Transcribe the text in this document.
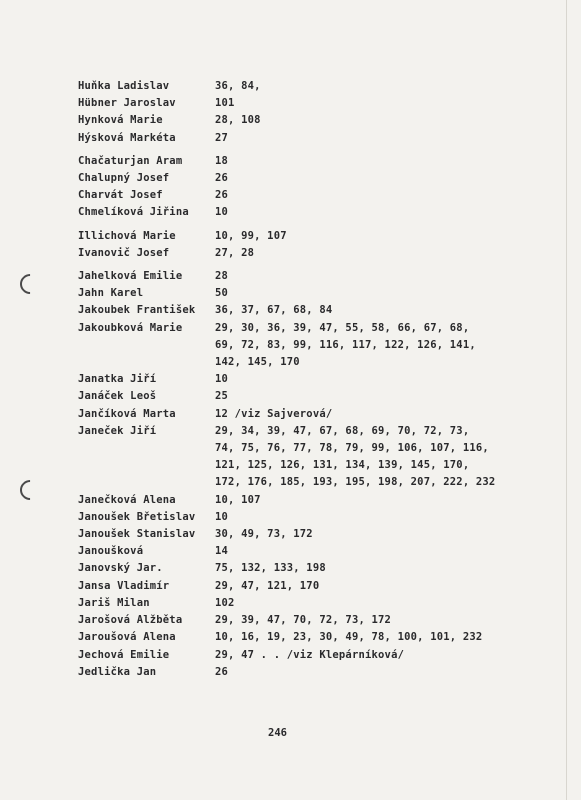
Huňka Ladislav	36, 84,
Hübner Jaroslav	101
Hynková Marie	28, 108
Hýsková Markéta	27
Chačaturjan Aram	18
Chalupný Josef	26
Charvát Josef	26
Chmelíková Jiřina	10
Illichová Marie	10, 99, 107
Ivanovič Josef	27, 28
Jahelková Emilie	28
Jahn Karel	50
Jakoubek František	36, 37, 67, 68, 84
Jakoubková Marie	29, 30, 36, 39, 47, 55, 58, 66, 67, 68,
69, 72, 83, 99, 116, 117, 122, 126, 141,
142, 145, 170
Janatka Jiří	10
Janáček Leoš	25
Jančíková Marta	12 /viz Sajverová/
Janeček Jiří	29, 34, 39, 47, 67, 68, 69, 70, 72, 73,
74, 75, 76, 77, 78, 79, 99, 106, 107, 116,
121, 125, 126, 131, 134, 139, 145, 170,
172, 176, 185, 193, 195, 198, 207, 222, 232
Janečková Alena	10, 107
Janoušek Břetislav	10
Janoušek Stanislav	30, 49, 73, 172
Janoušková	14
Janovský Jar.	75, 132, 133, 198
Jansa Vladimír	29, 47, 121, 170
Jariš Milan	102
Jarošová Alžběta	29, 39, 47, 70, 72, 73, 172
Jaroušová Alena	10, 16, 19, 23, 30, 49, 78, 100, 101, 232
Jechová Emilie	29, 47 . . /viz Klepárníková/
Jedlička Jan	26
246
